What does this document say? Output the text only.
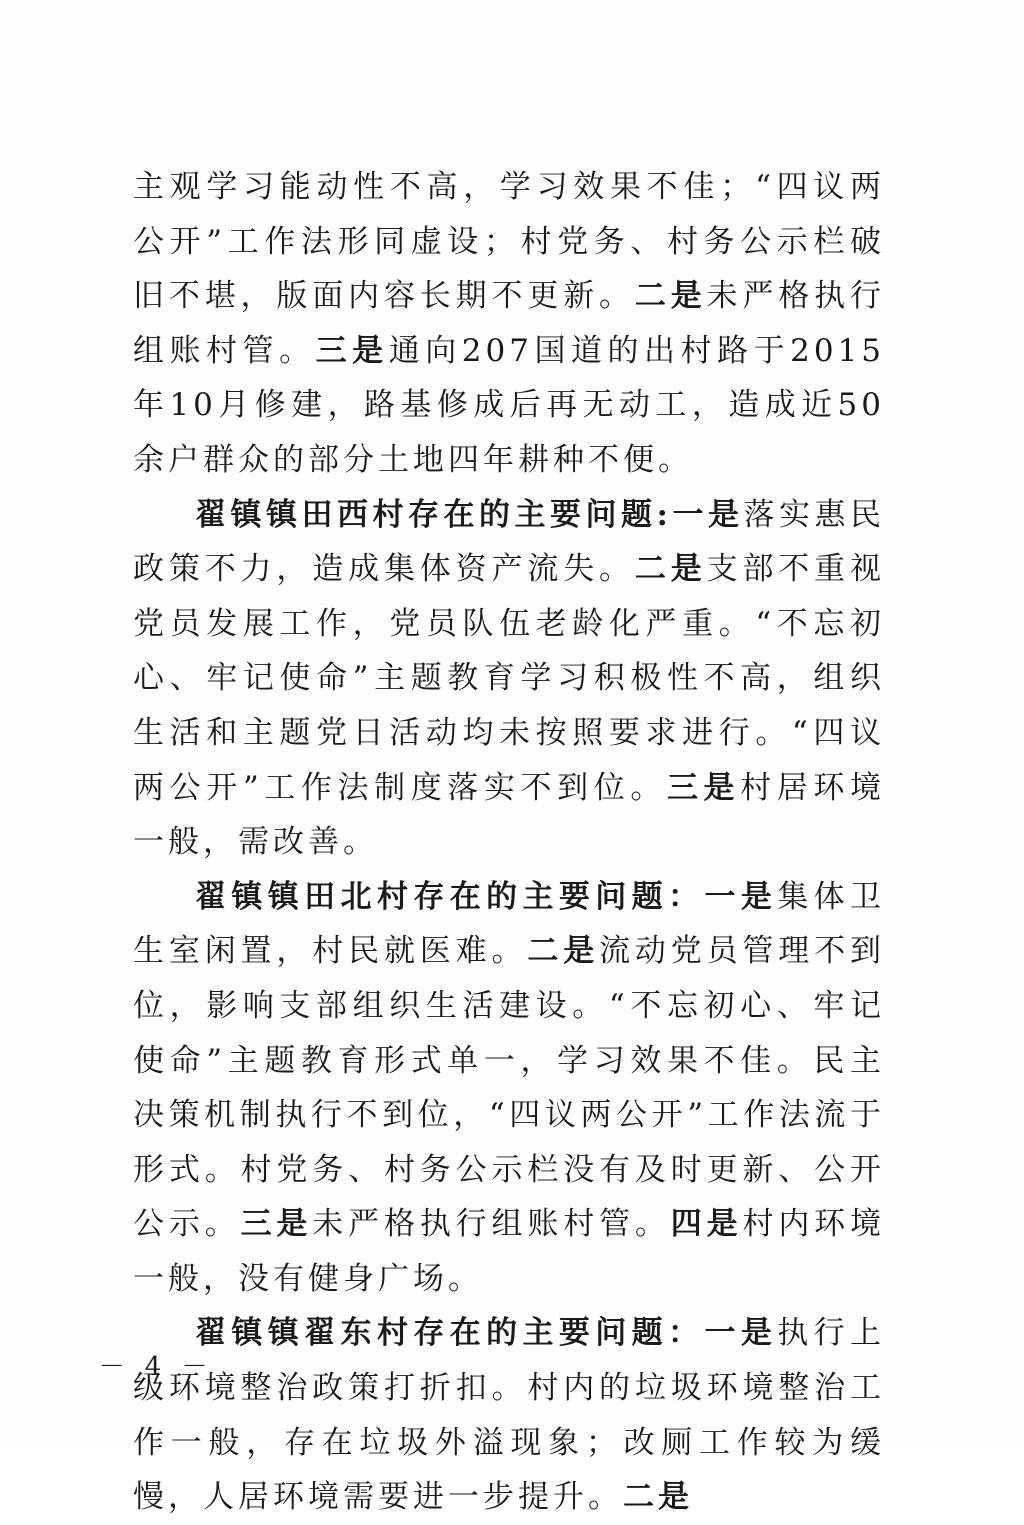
主观学习能动性不高，学习效果不佳；“四议两公开”工作法形同虚设；村党务、村务公示栏破旧不堪，版面内容长期不更新。二是未严格执行组账村管。三是通向207国道的出村路于2015年10月修建，路基修成后再无动工，造成近50余户群众的部分土地四年耕种不便。

翟镇镇田西村存在的主要问题:一是落实惠民政策不力，造成集体资产流失。二是支部不重视党员发展工作，党员队伍老龄化严重。“不忘初心、牢记使命”主题教育学习积极性不高，组织生活和主题党日活动均未按照要求进行。“四议两公开”工作法制度落实不到位。三是村居环境一般，需改善。

翟镇镇田北村存在的主要问题：一是集体卫生室闲置，村民就医难。二是流动党员管理不到位，影响支部组织生活建设。“不忘初心、牢记使命”主题教育形式单一，学习效果不佳。民主决策机制执行不到位，“四议两公开”工作法流于形式。村党务、村务公示栏没有及时更新、公开公示。三是未严格执行组账村管。四是村内环境一般，没有健身广场。

翟镇镇翟东村存在的主要问题：一是执行上级环境整治政策打折扣。村内的垃圾环境整治工作一般，存在垃圾外溢现象；改厕工作较为缓慢，人居环境需要进一步提升。二是

－ 4 －
